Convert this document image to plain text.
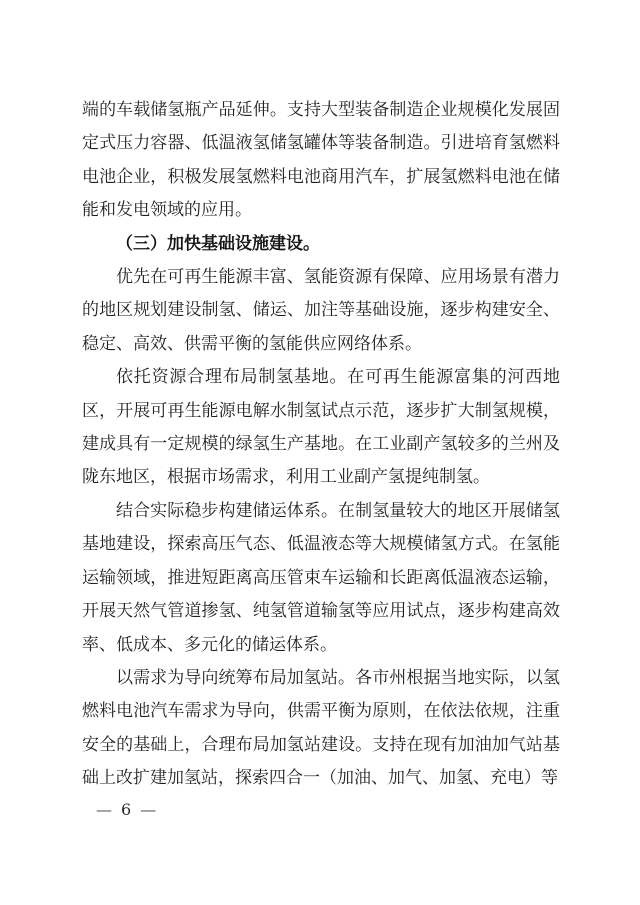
端的车载储氢瓶产品延伸。支持大型装备制造企业规模化发展固定式压力容器、低温液氢储氢罐体等装备制造。引进培育氢燃料电池企业，积极发展氢燃料电池商用汽车，扩展氢燃料电池在储能和发电领域的应用。

（三）加快基础设施建设。

优先在可再生能源丰富、氢能资源有保障、应用场景有潜力的地区规划建设制氢、储运、加注等基础设施，逐步构建安全、稳定、高效、供需平衡的氢能供应网络体系。

依托资源合理布局制氢基地。在可再生能源富集的河西地区，开展可再生能源电解水制氢试点示范，逐步扩大制氢规模，建成具有一定规模的绿氢生产基地。在工业副产氢较多的兰州及陇东地区，根据市场需求，利用工业副产氢提纯制氢。

结合实际稳步构建储运体系。在制氢量较大的地区开展储氢基地建设，探索高压气态、低温液态等大规模储氢方式。在氢能运输领域，推进短距离高压管束车运输和长距离低温液态运输，开展天然气管道掺氢、纯氢管道输氢等应用试点，逐步构建高效率、低成本、多元化的储运体系。

以需求为导向统筹布局加氢站。各市州根据当地实际，以氢燃料电池汽车需求为导向，供需平衡为原则，在依法依规，注重安全的基础上，合理布局加氢站建设。支持在现有加油加气站基础上改扩建加氢站，探索四合一（加油、加气、加氢、充电）等

— 6 —
